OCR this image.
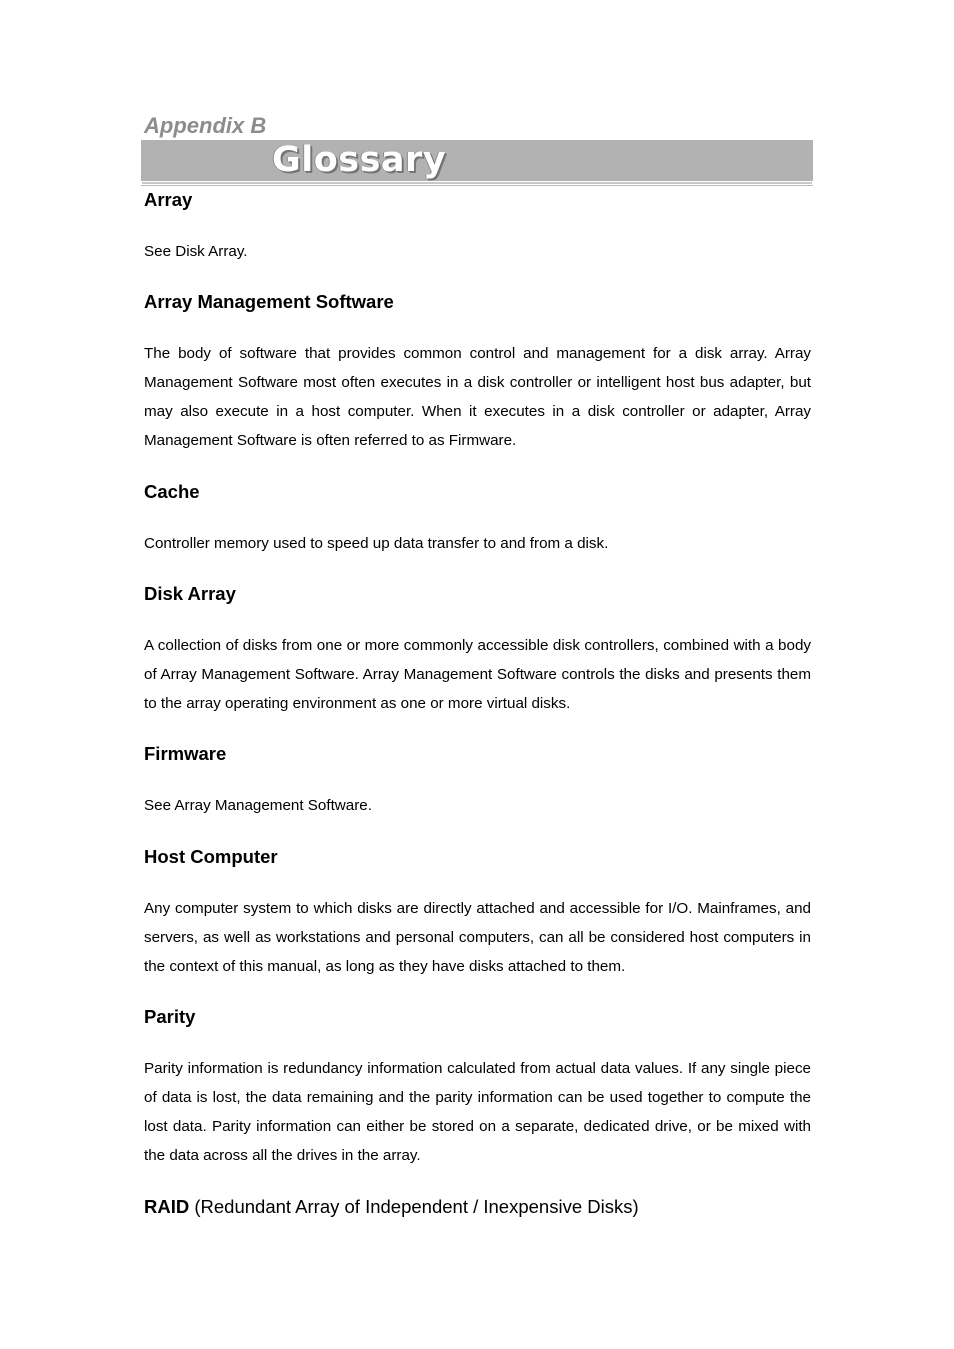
Appendix B
Glossary
Array
See Disk Array.
Array Management Software
The body of software that provides common control and management for a disk array. Array Management Software most often executes in a disk controller or intelligent host bus adapter, but may also execute in a host computer. When it executes in a disk controller or adapter, Array Management Software is often referred to as Firmware.
Cache
Controller memory used to speed up data transfer to and from a disk.
Disk Array
A collection of disks from one or more commonly accessible disk controllers, combined with a body of Array Management Software. Array Management Software controls the disks and presents them to the array operating environment as one or more virtual disks.
Firmware
See Array Management Software.
Host Computer
Any computer system to which disks are directly attached and accessible for I/O. Mainframes, and servers, as well as workstations and personal computers, can all be considered host computers in the context of this manual, as long as they have disks attached to them.
Parity
Parity information is redundancy information calculated from actual data values. If any single piece of data is lost, the data remaining and the parity information can be used together to compute the lost data. Parity information can either be stored on a separate, dedicated drive, or be mixed with the data across all the drives in the array.
RAID (Redundant Array of Independent / Inexpensive Disks)
